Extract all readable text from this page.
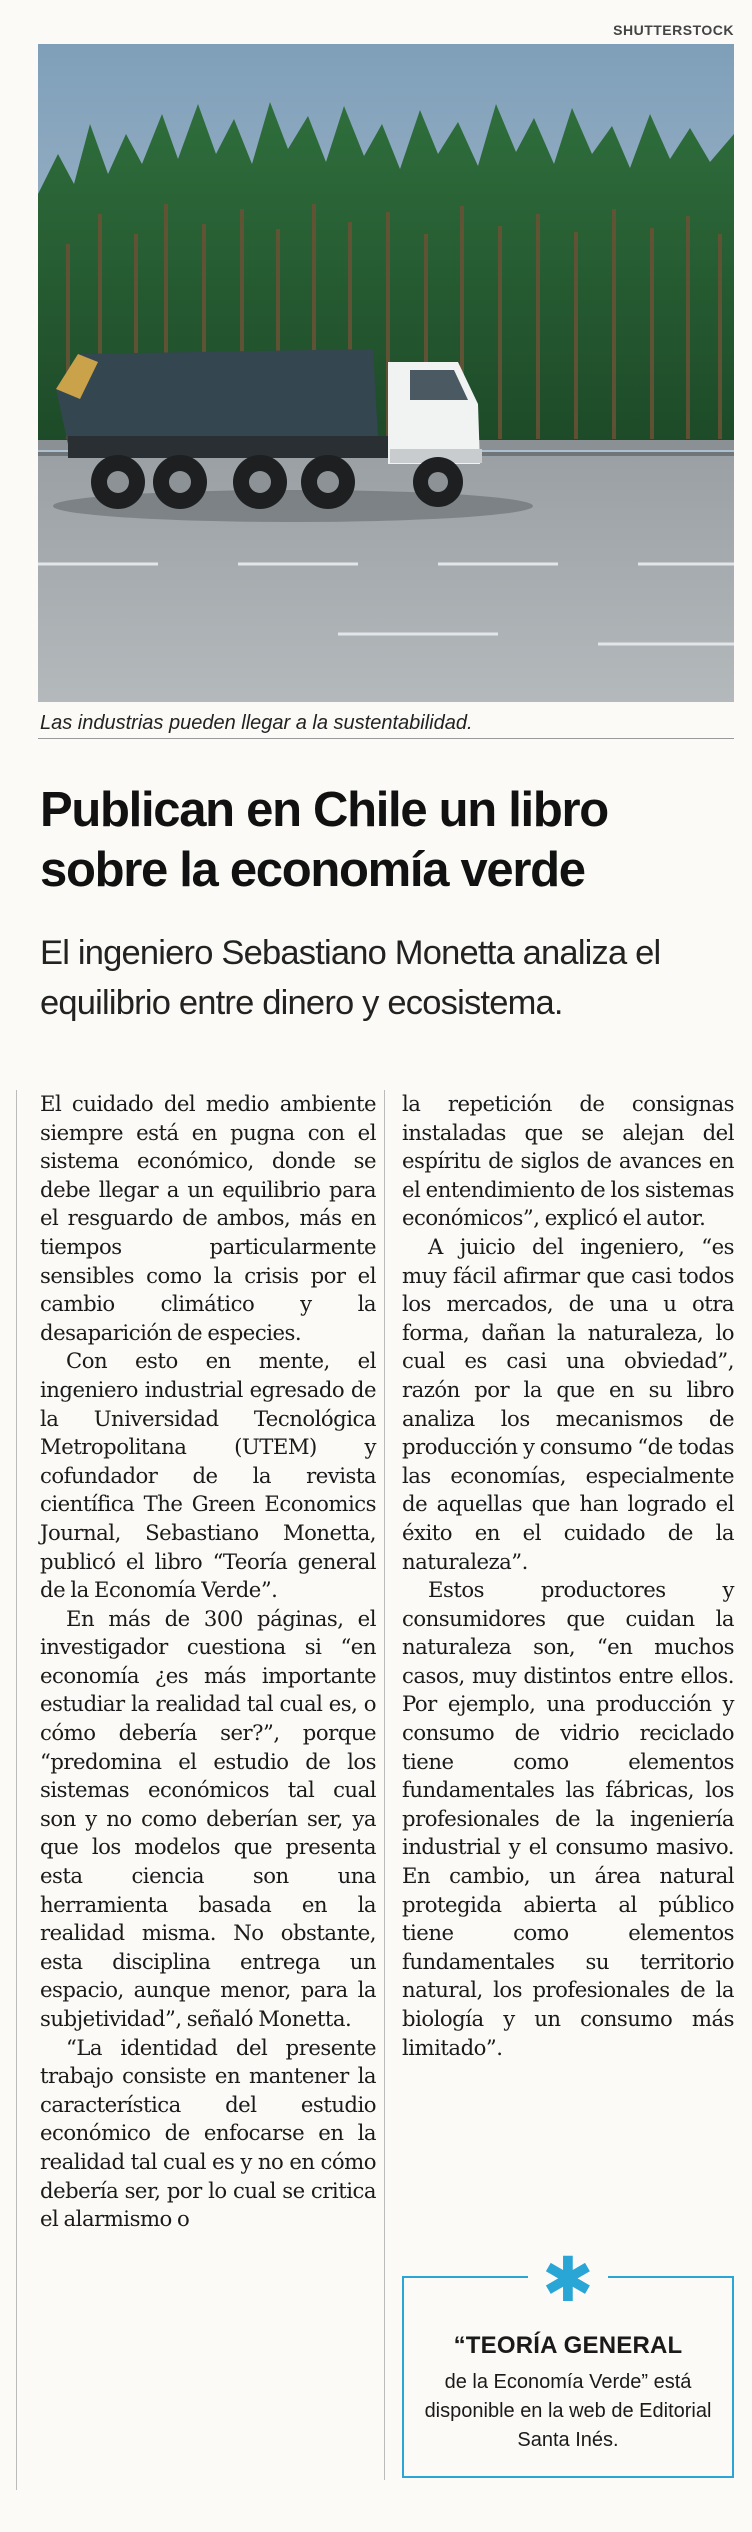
SHUTTERSTOCK
Las industrias pueden llegar a la sustentabilidad.
Publican en Chile un libro sobre la economía verde
El ingeniero Sebastiano Monetta analiza el equilibrio entre dinero y ecosistema.

El cuidado del medio ambiente siempre está en pugna con el sistema económico, donde se debe llegar a un equilibrio para el resguardo de ambos, más en tiempos particularmente sensibles como la crisis por el cambio climático y la desaparición de especies.

Con esto en mente, el ingeniero industrial egresado de la Universidad Tecnológica Metropolitana (UTEM) y cofundador de la revista científica The Green Economics Journal, Sebastiano Monetta, publicó el libro “Teoría general de la Economía Verde”.

En más de 300 páginas, el investigador cuestiona si “en economía ¿es más importante estudiar la realidad tal cual es, o cómo debería ser?”, porque “predomina el estudio de los sistemas económicos tal cual son y no como deberían ser, ya que los modelos que presenta esta ciencia son una herramienta basada en la realidad misma. No obstante, esta disciplina entrega un espacio, aunque menor, para la subjetividad”, señaló Monetta.

“La identidad del presente trabajo consiste en mantener la característica del estudio económico de enfocarse en la realidad tal cual es y no en cómo debería ser, por lo cual se critica el alarmismo o

la repetición de consignas instaladas que se alejan del espíritu de siglos de avances en el entendimiento de los sistemas económicos”, explicó el autor.

A juicio del ingeniero, “es muy fácil afirmar que casi todos los mercados, de una u otra forma, dañan la naturaleza, lo cual es casi una obviedad”, razón por la que en su libro analiza los mecanismos de producción y consumo “de todas las economías, especialmente de aquellas que han logrado el éxito en el cuidado de la naturaleza”.

Estos productores y consumidores que cuidan la naturaleza son, “en muchos casos, muy distintos entre ellos. Por ejemplo, una producción y consumo de vidrio reciclado tiene como elementos fundamentales las fábricas, los profesionales de la ingeniería industrial y el consumo masivo. En cambio, un área natural protegida abierta al público tiene como elementos fundamentales su territorio natural, los profesionales de la biología y un consumo más limitado”.

“TEORÍA GENERAL
de la Economía Verde” está disponible en la web de Editorial Santa Inés.
✱
